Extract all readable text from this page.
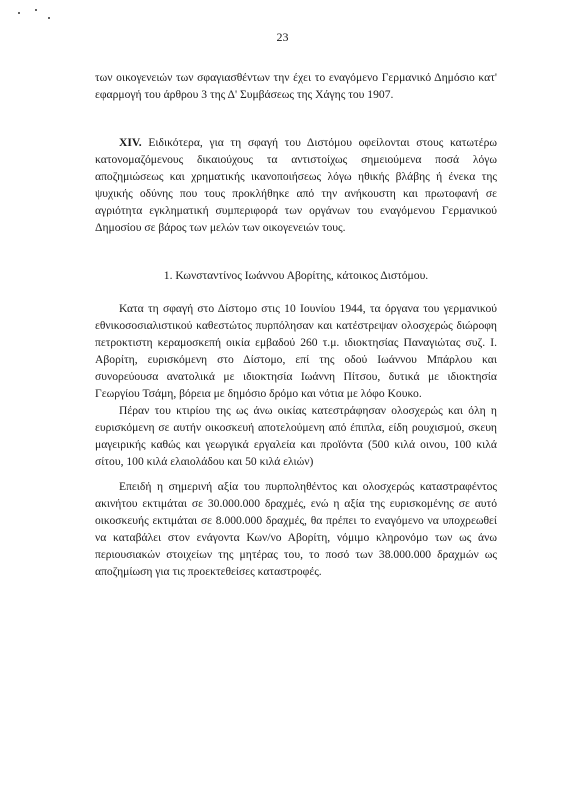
23

των οικογενειών των σφαγιασθέντων την έχει το εναγόμενο Γερμανικό Δημόσιο κατ' εφαρμογή του άρθρου 3 της Δ' Συμβάσεως της Χάγης του 1907.

XIV. Ειδικότερα, για τη σφαγή του Διστόμου οφείλονται στους κατωτέρω κατονομαζόμενους δικαιούχους τα αντιστοίχως σημειούμενα ποσά λόγω αποζημιώσεως και χρηματικής ικανοποιήσεως λόγω ηθικής βλάβης ή ένεκα της ψυχικής οδύνης που τους προκλήθηκε από την ανήκουστη και πρωτοφανή σε αγριότητα εγκληματική συμπεριφορά των οργάνων του εναγόμενου Γερμανικού Δημοσίου σε βάρος των μελών των οικογενειών τους.

1. Κωνσταντίνος Ιωάννου Αβορίτης, κάτοικος Διστόμου.

Κατα τη σφαγή στο Δίστομο στις 10 Ιουνίου 1944, τα όργανα του γερμανικού εθνικοσοσιαλιστικού καθεστώτος πυρπόλησαν και κατέστρεψαν ολοσχερώς διώροφη πετροκτιστη κεραμοσκεπή οικία εμβαδού 260 τ.μ. ιδιοκτησίας Παναγιώτας συζ. Ι. Αβορίτη, ευρισκόμενη στο Δίστομο, επί της οδού Ιωάννου Μπάρλου και συνορεύουσα ανατολικά με ιδιοκτησία Ιωάννη Πίτσου, δυτικά με ιδιοκτησία Γεωργίου Τσάμη, βόρεια με δημόσιο δρόμο και νότια με λόφο Κουκο.

Πέραν του κτιρίου της ως άνω οικίας κατεστράφησαν ολοσχερώς και όλη η ευρισκόμενη σε αυτήν οικοσκευή αποτελούμενη από έπιπλα, είδη ρουχισμού, σκευη μαγειρικής καθώς και γεωργικά εργαλεία και προϊόντα (500 κιλά οινου, 100 κιλά σίτου, 100 κιλά ελαιολάδου και 50 κιλά ελιών)

Επειδή η σημερινή αξία του πυρποληθέντος και ολοσχερώς καταστραφέντος ακινήτου εκτιμάται σε 30.000.000 δραχμές, ενώ η αξία της ευρισκομένης σε αυτό οικοσκευής εκτιμάται σε 8.000.000 δραχμές, θα πρέπει το εναγόμενο να υποχρεωθεί να καταβάλει στον ενάγοντα Κων/νο Αβορίτη, νόμιμο κληρονόμο των ως άνω περιουσιακών στοιχείων της μητέρας του, το ποσό των 38.000.000 δραχμών ως αποζημίωση για τις προεκτεθείσες καταστροφές.
